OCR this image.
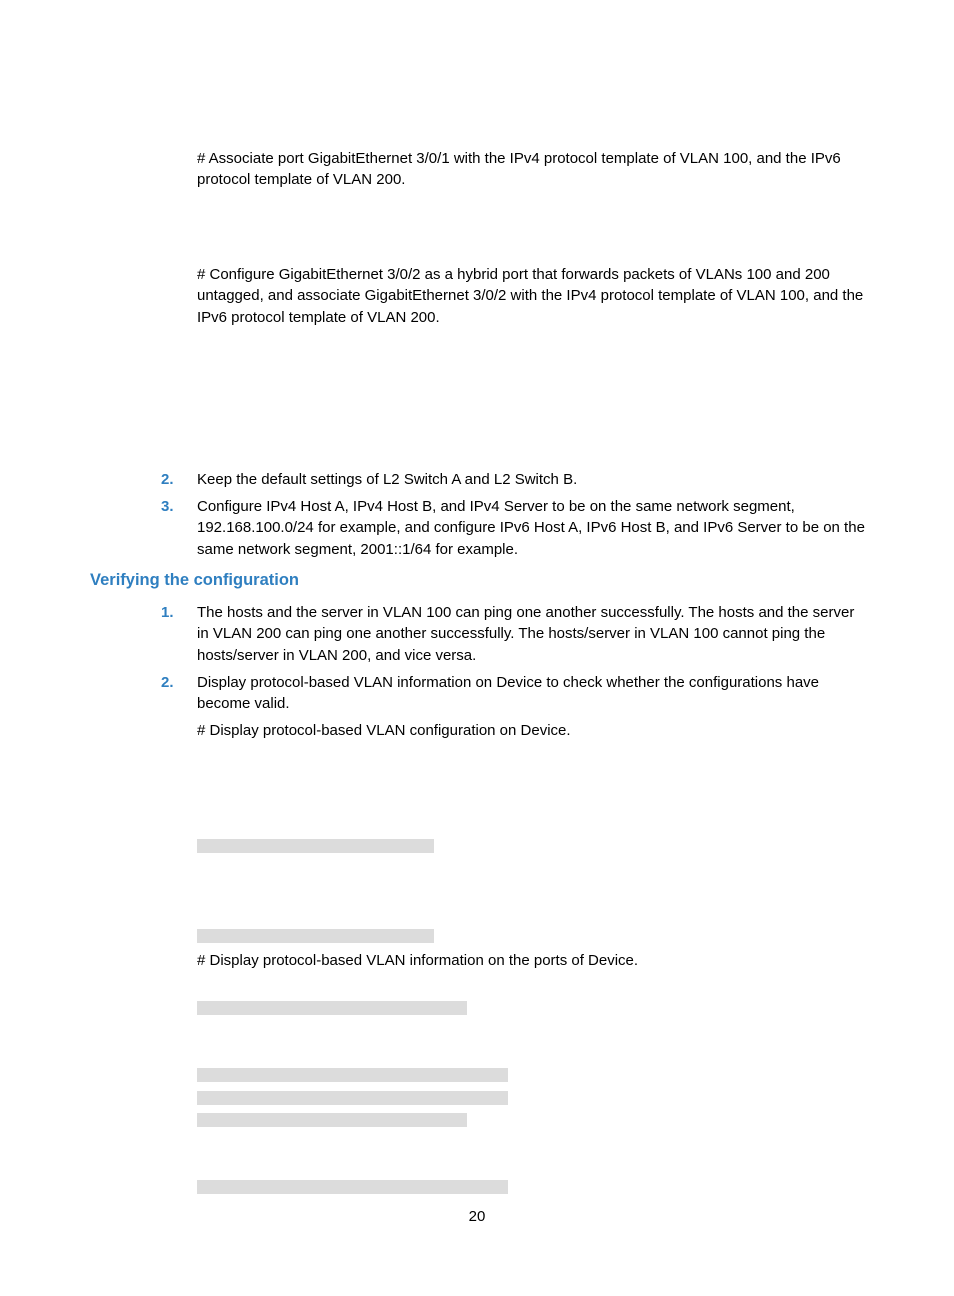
# Associate port GigabitEthernet 3/0/1 with the IPv4 protocol template of VLAN 100, and the IPv6 protocol template of VLAN 200.
# Configure GigabitEthernet 3/0/2 as a hybrid port that forwards packets of VLANs 100 and 200 untagged, and associate GigabitEthernet 3/0/2 with the IPv4 protocol template of VLAN 100, and the IPv6 protocol template of VLAN 200.
2. Keep the default settings of L2 Switch A and L2 Switch B.
3. Configure IPv4 Host A, IPv4 Host B, and IPv4 Server to be on the same network segment, 192.168.100.0/24 for example, and configure IPv6 Host A, IPv6 Host B, and IPv6 Server to be on the same network segment, 2001::1/64 for example.
Verifying the configuration
1. The hosts and the server in VLAN 100 can ping one another successfully. The hosts and the server in VLAN 200 can ping one another successfully. The hosts/server in VLAN 100 cannot ping the hosts/server in VLAN 200, and vice versa.
2. Display protocol-based VLAN information on Device to check whether the configurations have become valid.
# Display protocol-based VLAN configuration on Device.
# Display protocol-based VLAN information on the ports of Device.
20
